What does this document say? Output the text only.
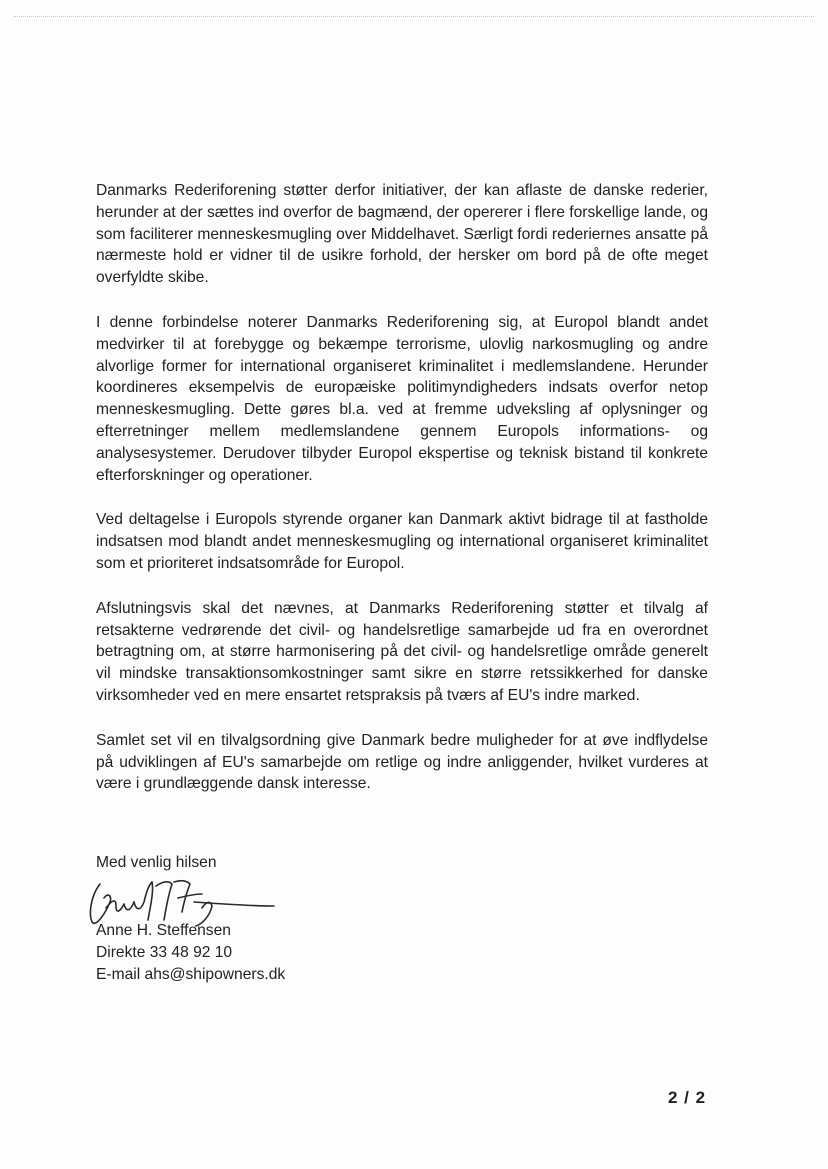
Danmarks Rederiforening støtter derfor initiativer, der kan aflaste de danske rederier, herunder at der sættes ind overfor de bagmænd, der opererer i flere forskellige lande, og som faciliterer menneskesmugling over Middelhavet. Særligt fordi rederiernes ansatte på nærmeste hold er vidner til de usikre forhold, der hersker om bord på de ofte meget overfyldte skibe.

I denne forbindelse noterer Danmarks Rederiforening sig, at Europol blandt andet medvirker til at forebygge og bekæmpe terrorisme, ulovlig narkosmugling og andre alvorlige former for international organiseret kriminalitet i medlemslandene. Herunder koordineres eksempelvis de europæiske politimyndigheders indsats overfor netop menneskesmugling. Dette gøres bl.a. ved at fremme udveksling af oplysninger og efterretninger mellem medlemslandene gennem Europols informations- og analysesystemer. Derudover tilbyder Europol ekspertise og teknisk bistand til konkrete efterforskninger og operationer.

Ved deltagelse i Europols styrende organer kan Danmark aktivt bidrage til at fastholde indsatsen mod blandt andet menneskesmugling og international organiseret kriminalitet som et prioriteret indsatsområde for Europol.

Afslutningsvis skal det nævnes, at Danmarks Rederiforening støtter et tilvalg af retsakterne vedrørende det civil- og handelsretlige samarbejde ud fra en overordnet betragtning om, at større harmonisering på det civil- og handelsretlige område generelt vil mindske transaktionsomkostninger samt sikre en større retssikkerhed for danske virksomheder ved en mere ensartet retspraksis på tværs af EU's indre marked.

Samlet set vil en tilvalgsordning give Danmark bedre muligheder for at øve indflydelse på udviklingen af EU's samarbejde om retlige og indre anliggender, hvilket vurderes at være i grundlæggende dansk interesse.

Med venlig hilsen
Anne H. Steffensen
Direkte 33 48 92 10
E-mail ahs@shipowners.dk
2 / 2
